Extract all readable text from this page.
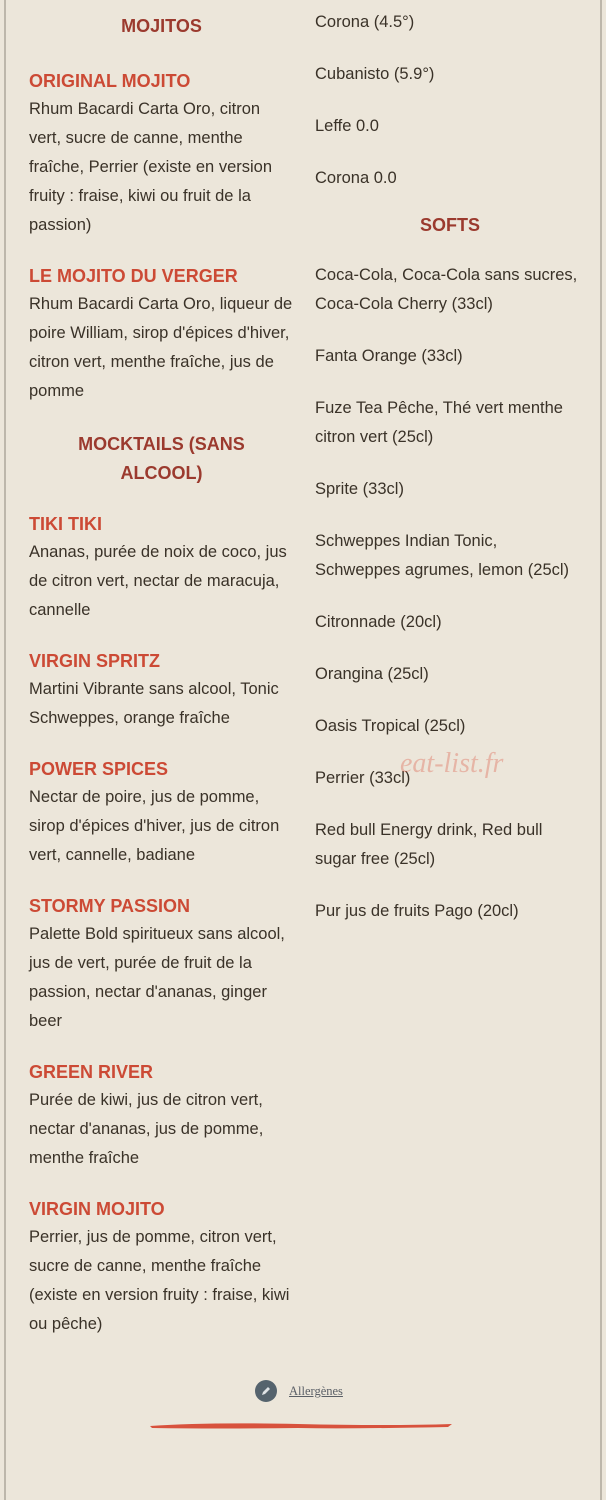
MOJITOS
ORIGINAL MOJITO
Rhum Bacardi Carta Oro, citron vert, sucre de canne, menthe fraîche, Perrier (existe en version fruity : fraise, kiwi ou fruit de la passion)
LE MOJITO DU VERGER
Rhum Bacardi Carta Oro, liqueur de poire William, sirop d'épices d'hiver, citron vert, menthe fraîche, jus de pomme
MOCKTAILS (SANS ALCOOL)
TIKI TIKI
Ananas, purée de noix de coco, jus de citron vert, nectar de maracuja, cannelle
VIRGIN SPRITZ
Martini Vibrante sans alcool, Tonic Schweppes, orange fraîche
POWER SPICES
Nectar de poire, jus de pomme, sirop d'épices d'hiver, jus de citron vert, cannelle, badiane
STORMY PASSION
Palette Bold spiritueux sans alcool, jus de vert, purée de fruit de la passion, nectar d'ananas, ginger beer
GREEN RIVER
Purée de kiwi, jus de citron vert, nectar d'ananas, jus de pomme, menthe fraîche
VIRGIN MOJITO
Perrier, jus de pomme, citron vert, sucre de canne, menthe fraîche (existe en version fruity : fraise, kiwi ou pêche)
Corona (4.5°)
Cubanisto (5.9°)
Leffe 0.0
Corona 0.0
SOFTS
Coca-Cola, Coca-Cola sans sucres, Coca-Cola Cherry (33cl)
Fanta Orange (33cl)
Fuze Tea Pêche, Thé vert menthe citron vert (25cl)
Sprite (33cl)
Schweppes Indian Tonic, Schweppes agrumes, lemon (25cl)
Citronnade (20cl)
Orangina (25cl)
Oasis Tropical (25cl)
Perrier (33cl)
Red bull Energy drink, Red bull sugar free (25cl)
Pur jus de fruits Pago (20cl)
eat-list.fr
Allergènes
